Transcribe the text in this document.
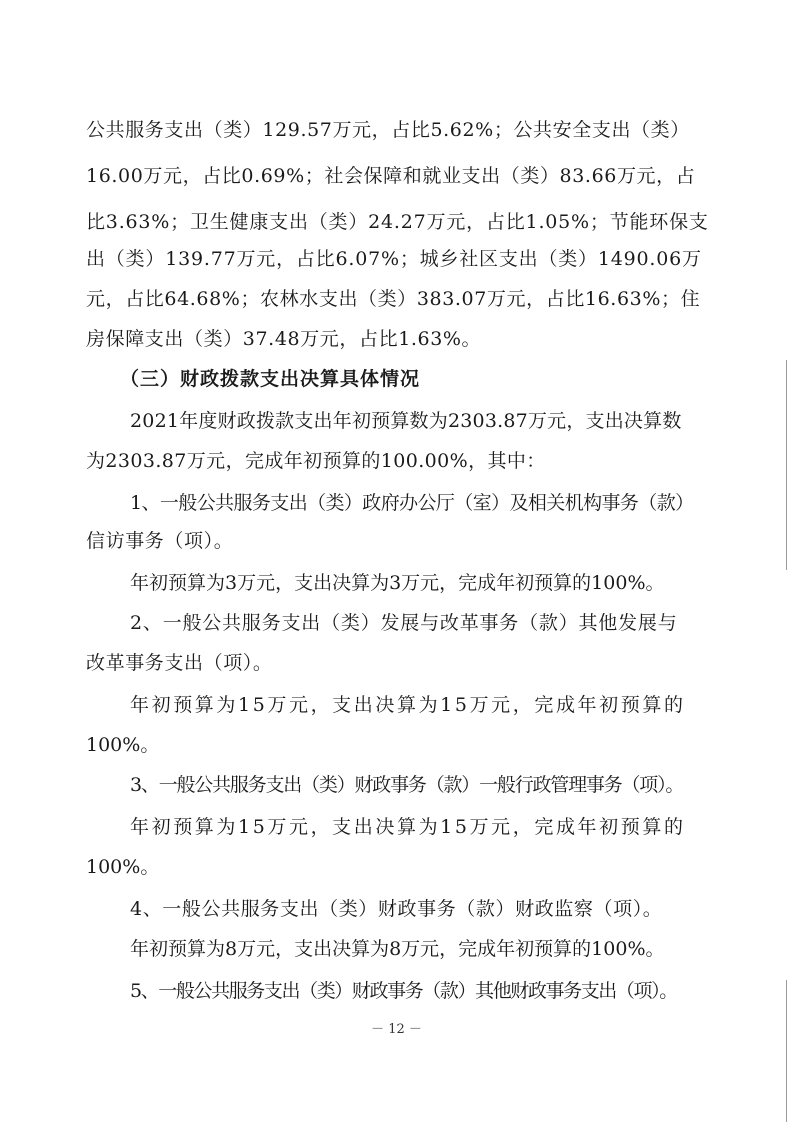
公共服务支出（类）129.57万元，占比5.62%；公共安全支出（类）
16.00万元，占比0.69%；社会保障和就业支出（类）83.66万元，占
比3.63%；卫生健康支出（类）24.27万元，占比1.05%；节能环保支
出（类）139.77万元，占比6.07%；城乡社区支出（类）1490.06万
元，占比64.68%；农林水支出（类）383.07万元，占比16.63%；住
房保障支出（类）37.48万元，占比1.63%。
（三）财政拨款支出决算具体情况
2021年度财政拨款支出年初预算数为2303.87万元，支出决算数
为2303.87万元，完成年初预算的100.00%，其中：
1、一般公共服务支出（类）政府办公厅（室）及相关机构事务（款）
信访事务（项）。
年初预算为3万元，支出决算为3万元，完成年初预算的100%。
2、一般公共服务支出（类）发展与改革事务（款）其他发展与
改革事务支出（项）。
年初预算为15万元，支出决算为15万元，完成年初预算的
100%。
3、一般公共服务支出（类）财政事务（款）一般行政管理事务（项）。
年初预算为15万元，支出决算为15万元，完成年初预算的
100%。
4、一般公共服务支出（类）财政事务（款）财政监察（项）。
年初预算为8万元，支出决算为8万元，完成年初预算的100%。
5、一般公共服务支出（类）财政事务（款）其他财政事务支出（项）。
－ 12 －
